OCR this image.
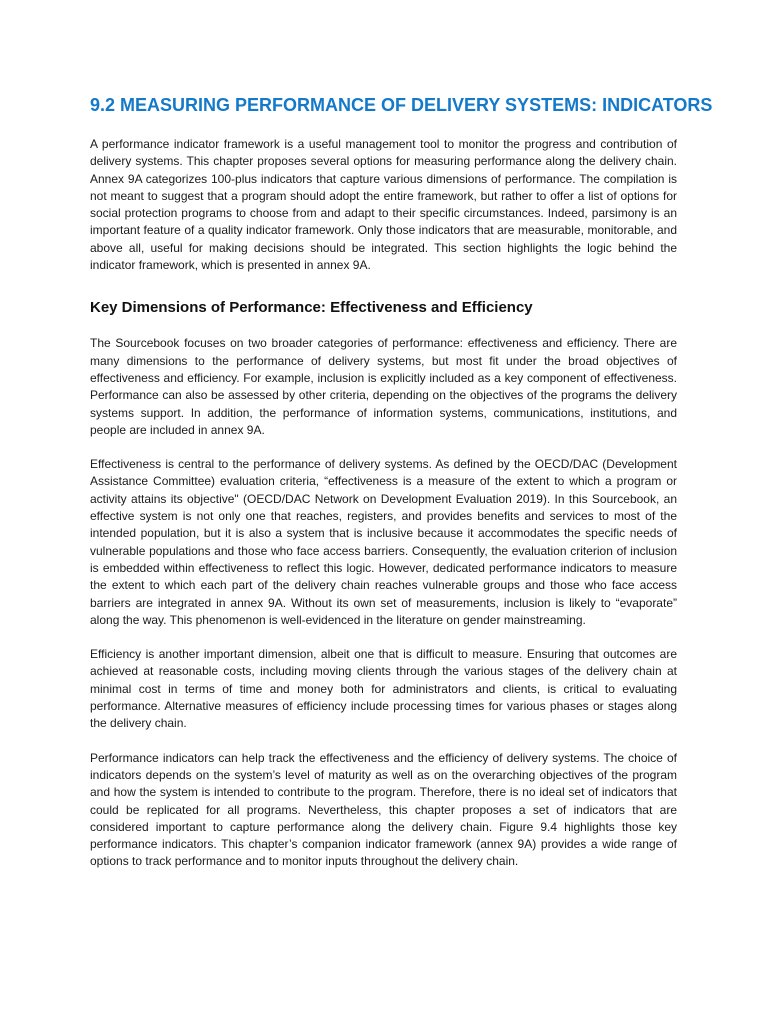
9.2 MEASURING PERFORMANCE OF DELIVERY SYSTEMS: INDICATORS

A performance indicator framework is a useful management tool to monitor the progress and contribution of delivery systems. This chapter proposes several options for measuring performance along the delivery chain. Annex 9A categorizes 100-plus indicators that capture various dimensions of performance. The compilation is not meant to suggest that a program should adopt the entire framework, but rather to offer a list of options for social protection programs to choose from and adapt to their specific circumstances. Indeed, parsimony is an important feature of a quality indicator framework. Only those indicators that are measurable, monitorable, and above all, useful for making decisions should be integrated. This section highlights the logic behind the indicator framework, which is presented in annex 9A.

Key Dimensions of Performance: Effectiveness and Efficiency

The Sourcebook focuses on two broader categories of performance: effectiveness and efficiency. There are many dimensions to the performance of delivery systems, but most fit under the broad objectives of effectiveness and efficiency. For example, inclusion is explicitly included as a key component of effectiveness. Performance can also be assessed by other criteria, depending on the objectives of the programs the delivery systems support. In addition, the performance of information systems, communications, institutions, and people are included in annex 9A.

Effectiveness is central to the performance of delivery systems. As defined by the OECD/DAC (Development Assistance Committee) evaluation criteria, “effectiveness is a measure of the extent to which a program or activity attains its objective" (OECD/DAC Network on Development Evaluation 2019). In this Sourcebook, an effective system is not only one that reaches, registers, and provides benefits and services to most of the intended population, but it is also a system that is inclusive because it accommodates the specific needs of vulnerable populations and those who face access barriers. Consequently, the evaluation criterion of inclusion is embedded within effectiveness to reflect this logic. However, dedicated performance indicators to measure the extent to which each part of the delivery chain reaches vulnerable groups and those who face access barriers are integrated in annex 9A. Without its own set of measurements, inclusion is likely to “evaporate” along the way. This phenomenon is well-evidenced in the literature on gender mainstreaming.

Efficiency is another important dimension, albeit one that is difficult to measure. Ensuring that outcomes are achieved at reasonable costs, including moving clients through the various stages of the delivery chain at minimal cost in terms of time and money both for administrators and clients, is critical to evaluating performance. Alternative measures of efficiency include processing times for various phases or stages along the delivery chain.

Performance indicators can help track the effectiveness and the efficiency of delivery systems. The choice of indicators depends on the system’s level of maturity as well as on the overarching objectives of the program and how the system is intended to contribute to the program. Therefore, there is no ideal set of indicators that could be replicated for all programs. Nevertheless, this chapter proposes a set of indicators that are considered important to capture performance along the delivery chain. Figure 9.4 highlights those key performance indicators. This chapter’s companion indicator framework (annex 9A) provides a wide range of options to track performance and to monitor inputs throughout the delivery chain.
